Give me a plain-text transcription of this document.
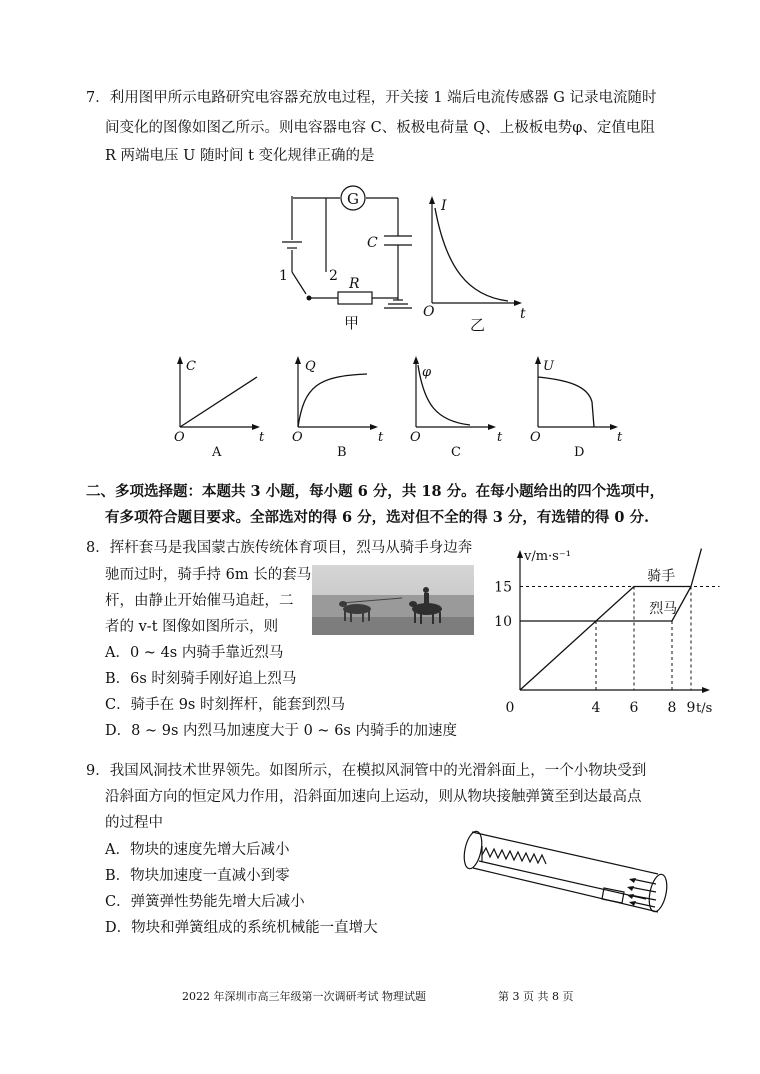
7．利用图甲所示电路研究电容器充放电过程，开关接 1 端后电流传感器 G 记录电流随时
间变化的图像如图乙所示。则电容器电容 C、板极电荷量 Q、上极板电势φ、定值电阻
R 两端电压 U 随时间 t 变化规律正确的是
G
C
R
1	2
甲
I
O	t
乙
C
O	t
A
Q
O	t
B
φ
O	t
C
U
O	t
D
二、多项选择题：本题共 3 小题，每小题 6 分，共 18 分。在每小题给出的四个选项中，
有多项符合题目要求。全部选对的得 6 分，选对但不全的得 3 分，有选错的得 0 分.
8．挥杆套马是我国蒙古族传统体育项目，烈马从骑手身边奔
驰而过时，骑手持 6m 长的套马
杆，由静止开始催马追赶，二
者的 v-t 图像如图所示，则
A．0 ~ 4s 内骑手靠近烈马
B．6s 时刻骑手刚好追上烈马
C．骑手在 9s 时刻挥杆，能套到烈马
D．8 ~ 9s 内烈马加速度大于 0 ~ 6s 内骑手的加速度
v/m·s⁻¹
t/s
0	4 6 8 9
10
15
骑手
烈马
9．我国风洞技术世界领先。如图所示，在模拟风洞管中的光滑斜面上，一个小物块受到
沿斜面方向的恒定风力作用，沿斜面加速向上运动，则从物块接触弹簧至到达最高点
的过程中
A．物块的速度先增大后减小
B．物块加速度一直减小到零
C．弹簧弹性势能先增大后减小
D．物块和弹簧组成的系统机械能一直增大
2022 年深圳市高三年级第一次调研考试 物理试题	第 3 页 共 8 页
